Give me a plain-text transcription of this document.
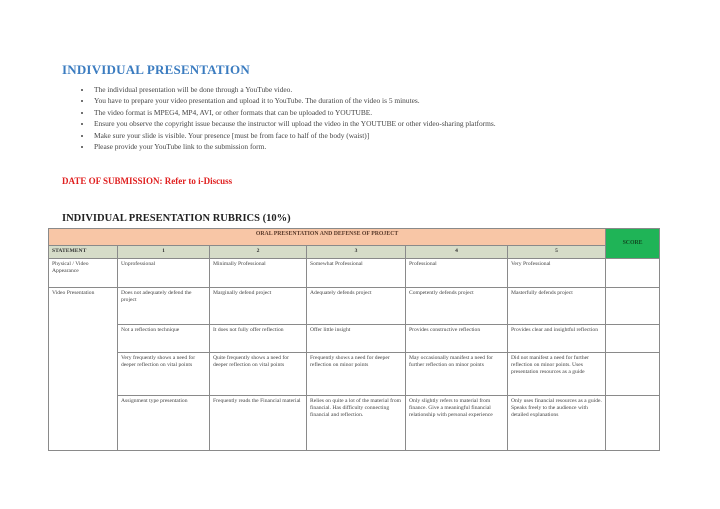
INDIVIDUAL PRESENTATION
• The individual presentation will be done through a YouTube video.
• You have to prepare your video presentation and upload it to YouTube. The duration of the video is 5 minutes.
• The video format is MPEG4, MP4, AVI, or other formats that can be uploaded to YOUTUBE.
• Ensure you observe the copyright issue because the instructor will upload the video in the YOUTUBE or other video-sharing platforms.
• Make sure your slide is visible. Your presence [must be from face to half of the body (waist)]
• Please provide your YouTube link to the submission form.
DATE OF SUBMISSION: Refer to i-Discuss
INDIVIDUAL PRESENTATION RUBRICS (10%)
ORAL PRESENTATION AND DEFENSE OF PROJECT						SCORE
STATEMENT	1	2	3	4	5	
Physical / Video Appearance	Unprofessional	Minimally Professional	Somewhat Professional	Professional	Very Professional	
Video Presentation	Does not adequately defend the project	Marginally defend project	Adequately defends project	Competently defends project	Masterfully defends project	
	Not a reflection technique	It does not fully offer reflection	Offer little insight	Provides constructive reflection	Provides clear and insightful reflection	
	Very frequently shows a need for deeper reflection on vital points	Quite frequently shows a need for deeper reflection on vital points	Frequently shows a need for deeper reflection on minor points	May occasionally manifest a need for further reflection on minor points	Did not manifest a need for further reflection on minor points. Uses presentation resources as a guide	
	Assignment type presentation	Frequently reads the Financial material	Relies on quite a lot of the material from financial. Has difficulty connecting financial and reflection.	Only slightly refers to material from finance. Give a meaningful financial relationship with personal experience	Only uses financial resources as a guide. Speaks freely to the audience with detailed explanations	
